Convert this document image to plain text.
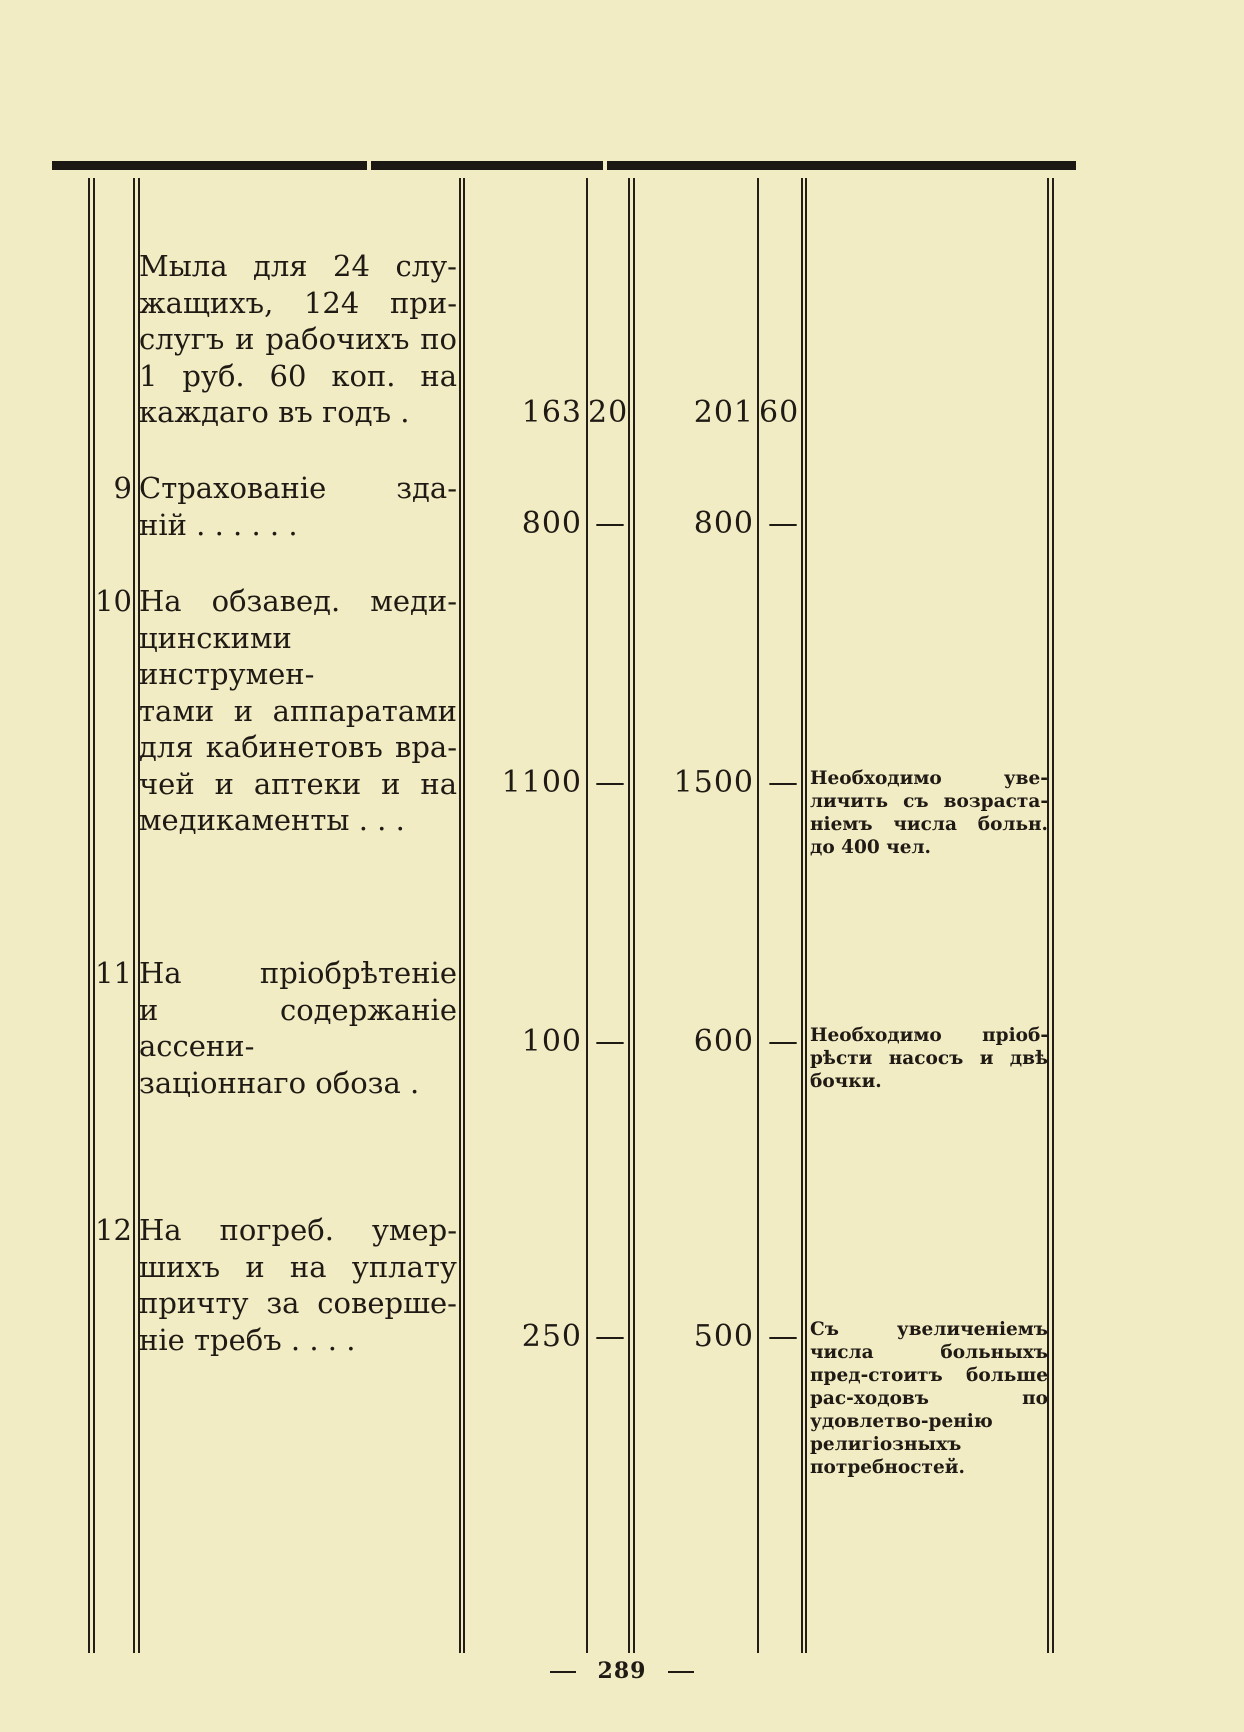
Мыла для 24 слу-
жащихъ, 124 при-
слугъ и рабочихъ по
1 руб. 60 коп. на
каждаго въ годъ .	163 20	201 60
9 Страхованіе зда-
ній . . . . . .	800 —	800 —
10 На обзавед. меди-
цинскими инструмен-
тами и аппаратами
для кабинетовъ вра-
чей и аптеки и на
медикаменты . . .
1100 —	1500 — Необходимо уве-личить съ возраста-ніемъ числа больн. до 400 чел.
11 На пріобрѣтеніе
и содержаніе ассени-
заціоннаго обоза .
100 —	600 — Необходимо пріоб-рѣсти насосъ и двѣ бочки.
12 На погреб. умер-
шихъ и на уплату
причту за соверше-
ніе требъ . . . .	250 —	500 — Съ увеличеніемъ числа больныхъ пред-стоитъ больше рас-ходовъ по удовлетво-ренію религіозныхъ потребностей.
289
